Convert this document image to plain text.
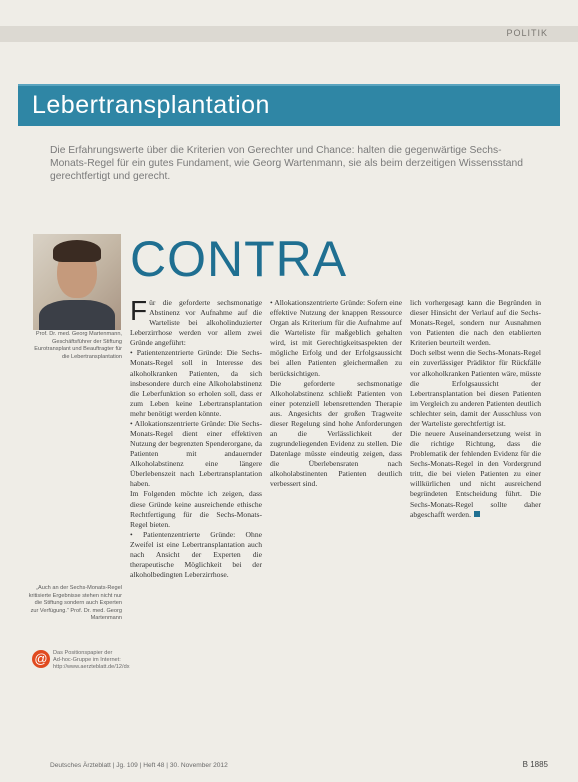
POLITIK
Lebertransplantation
Die Erfahrungswerte über die Kriterien von Gerechter und Chance: halten die gegenwärtige Sechs-Monats-Regel für ein gutes Fundament, wie Georg Wartenmann, sie als beim derzeitigen Wissensstand gerechtfertigt und gerecht.
Prof. Dr. med. Georg Martenmann, Geschäftsführer der Stiftung Eurotransplant und Beauftragter für die Lebertransplantation
CONTRA
F ür die geforderte sechsmonatige Abstinenz vor Aufnahme auf die Warteliste bei alkoholinduzierter Leberzirrhose werden vor allem zwei Gründe angeführt:

• Patientenzentrierte Gründe: Die Sechs-Monats-Regel soll in Interesse des alkoholkranken Patienten, da sich insbesondere durch eine Alkoholabstinenz die Leberfunktion so erholen soll, dass er zum Leben keine Lebertransplantation mehr benötigt werden könnte.

• Allokationszentrierte Gründe: Die Sechs-Monats-Regel dient einer effektiven Nutzung der begrenzten Spenderorgane, da Patienten mit andauernder Alkoholabstinenz eine längere Überlebenszeit nach Lebertransplantation haben.

Im Folgenden möchte ich zeigen, dass diese Gründe keine ausreichende ethische Rechtfertigung für die Sechs-Monats-Regel bieten.

• Patientenzentrierte Gründe: Ohne Zweifel ist eine Lebertransplantation auch nach Ansicht der Experten die therapeutische Möglichkeit bei der alkoholbedingten Leberzirrhose.

• Allokationszentrierte Gründe: Sofern eine effektive Nutzung der knappen Ressource Organ als Kriterium für die Aufnahme auf die Warteliste für maßgeblich gehalten wird, ist mit Gerechtigkeitsaspekten der mögliche Erfolg und der Erfolgsaussicht bei allen Patienten gleichermaßen zu berücksichtigen.

Die geforderte sechsmonatige Alkoholabstinenz schließt Patienten von einer potenziell lebensrettenden Therapie aus. Angesichts der großen Tragweite dieser Regelung sind hohe Anforderungen an die Verlässlichkeit der zugrundeliegenden Evidenz zu stellen. Die Datenlage müsste eindeutig zeigen, dass die Überlebensraten nach alkoholabstinenten Patienten deutlich verbessert sind.

lich vorhergesagt kann die Begründen in dieser Hinsicht der Verlauf auf die Sechs-Monats-Regel, sondern nur Ausnahmen von Patienten die nach den etablierten Kriterien beurteilt werden.

Doch selbst wenn die Sechs-Monats-Regel ein zuverlässiger Prädiktor für Rückfälle vor alkoholkranken Patienten wäre, müsste die Erfolgsaussicht der Lebertransplantation bei diesen Patienten im Vergleich zu anderen Patienten deutlich schlechter sein, damit der Ausschluss von der Warteliste gerechtfertigt ist.

Die neuere Auseinandersetzung weist in die richtige Richtung, dass die Problematik der fehlenden Evidenz für die Sechs-Monats-Regel in den Vordergrund tritt, die bei vielen Patienten zu einer willkürlichen und nicht ausreichend begründeten Entscheidung führt. Die Sechs-Monats-Regel sollte daher abgeschafft werden.

„Auch an der Sechs-Monats-Regel kritisierte Ergebnisse stehen nicht nur die Stiftung sondern auch Experten zur Verfügung.“ Prof. Dr. med. Georg Martenmann
@ Das Positionspapier der Ad-hoc-Gruppe im Internet: http://www.aerzteblatt.de/12/dx
Deutsches Ärzteblatt | Jg. 109 | Heft 48 | 30. November 2012	B 1885
